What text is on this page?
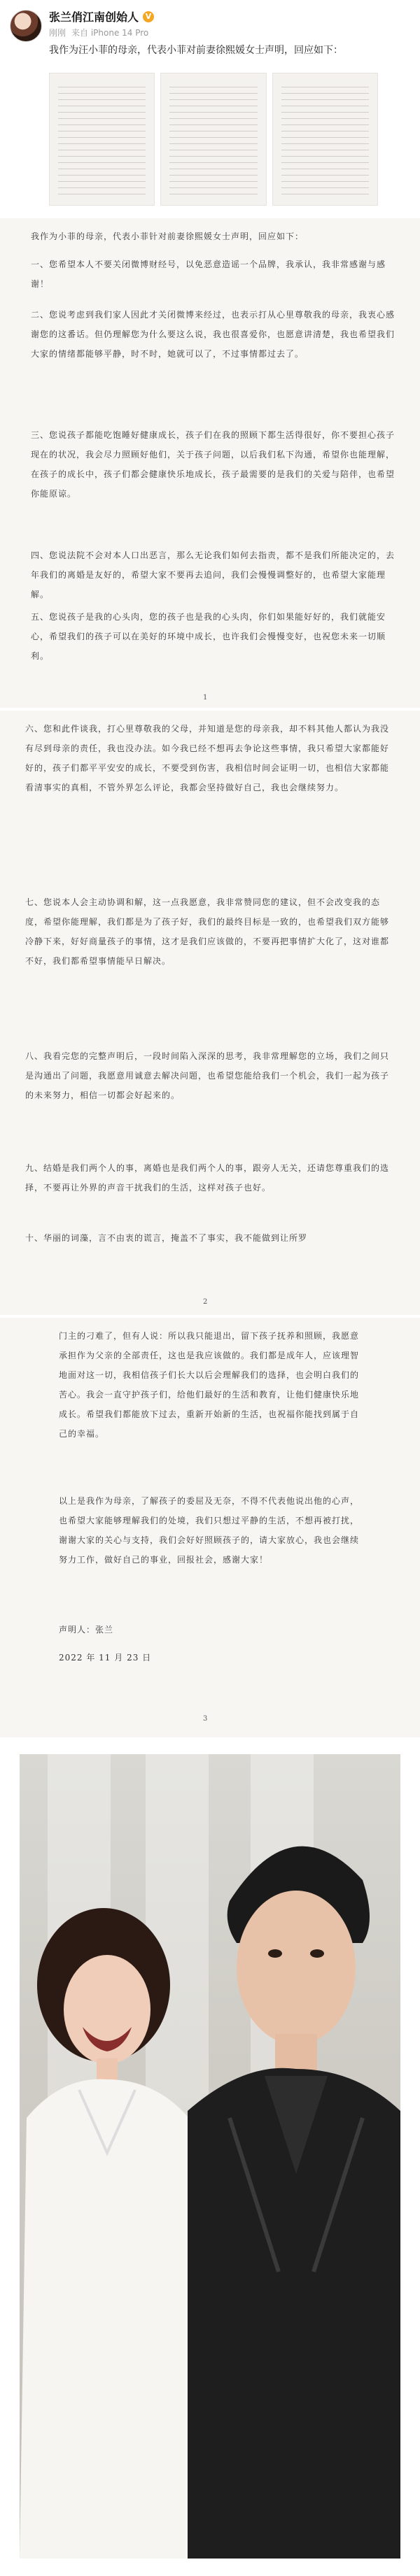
张兰俏江南创始人 V
刚刚 来自 iPhone 14 Pro
我作为汪小菲的母亲，代表小菲对前妻徐熙媛女士声明，回应如下：
我作为小菲的母亲，代表小菲针对前妻徐熙媛女士声明，回应如下：
一、您希望本人不要关闭微博财经号，以免恶意造谣一个品牌，我承认，我非常感谢与感谢！
二、您说考虑到我们家人因此才关闭微博来经过，也表示打从心里尊敬我的母亲，我衷心感谢您的这番话。但仍理解您为什么要这么说，我也很喜爱你，也愿意讲清楚，我也希望我们大家的情绪都能够平静，时不时，她就可以了，不过事情都过去了。
三、您说孩子都能吃饱睡好健康成长，孩子们在我的照顾下都生活得很好，你不要担心孩子现在的状况，我会尽力照顾好他们，关于孩子问题，以后我们私下沟通，希望你也能理解，在孩子的成长中，孩子们都会健康快乐地成长，孩子最需要的是我们的关爱与陪伴，也希望你能原谅。
四、您说法院不会对本人口出恶言，那么无论我们如何去指责，都不是我们所能决定的，去年我们的离婚是友好的，希望大家不要再去追问，我们会慢慢调整好的，也希望大家能理解。
五、您说孩子是我的心头肉，您的孩子也是我的心头肉，你们如果能好好的，我们就能安心，希望我们的孩子可以在美好的环境中成长，也许我们会慢慢变好，也祝您未来一切顺利。
1
六、您和此件谈我，打心里尊敬我的父母，并知道是您的母亲我，却不料其他人都认为我没有尽到母亲的责任，我也没办法。如今我已经不想再去争论这些事情，我只希望大家都能好好的，孩子们都平平安安的成长，不要受到伤害，我相信时间会证明一切，也相信大家都能看清事实的真相，不管外界怎么评论，我都会坚持做好自己，我也会继续努力。
七、您说本人会主动协调和解，这一点我愿意，我非常赞同您的建议，但不会改变我的态度，希望你能理解，我们都是为了孩子好，我们的最终目标是一致的，也希望我们双方能够冷静下来，好好商量孩子的事情，这才是我们应该做的，不要再把事情扩大化了，这对谁都不好，我们都希望事情能早日解决。
八、我看完您的完整声明后，一段时间陷入深深的思考，我非常理解您的立场，我们之间只是沟通出了问题，我愿意用诚意去解决问题，也希望您能给我们一个机会，我们一起为孩子的未来努力，相信一切都会好起来的。
九、结婚是我们两个人的事，离婚也是我们两个人的事，跟旁人无关，还请您尊重我们的选择，不要再让外界的声音干扰我们的生活，这样对孩子也好。
十、华丽的词藻，言不由衷的谎言，掩盖不了事实，我不能做到让所罗
2
门主的刁难了，但有人说：所以我只能退出，留下孩子抚养和照顾，我愿意承担作为父亲的全部责任，这也是我应该做的。我们都是成年人，应该理智地面对这一切，我相信孩子们长大以后会理解我们的选择，也会明白我们的苦心。我会一直守护孩子们，给他们最好的生活和教育，让他们健康快乐地成长。希望我们都能放下过去，重新开始新的生活，也祝福你能找到属于自己的幸福。
以上是我作为母亲，了解孩子的委屈及无奈，不得不代表他说出他的心声，也希望大家能够理解我们的处境，我们只想过平静的生活，不想再被打扰，谢谢大家的关心与支持，我们会好好照顾孩子的，请大家放心，我也会继续努力工作，做好自己的事业，回报社会，感谢大家！
声明人：张兰
2022 年 11 月 23 日
3
